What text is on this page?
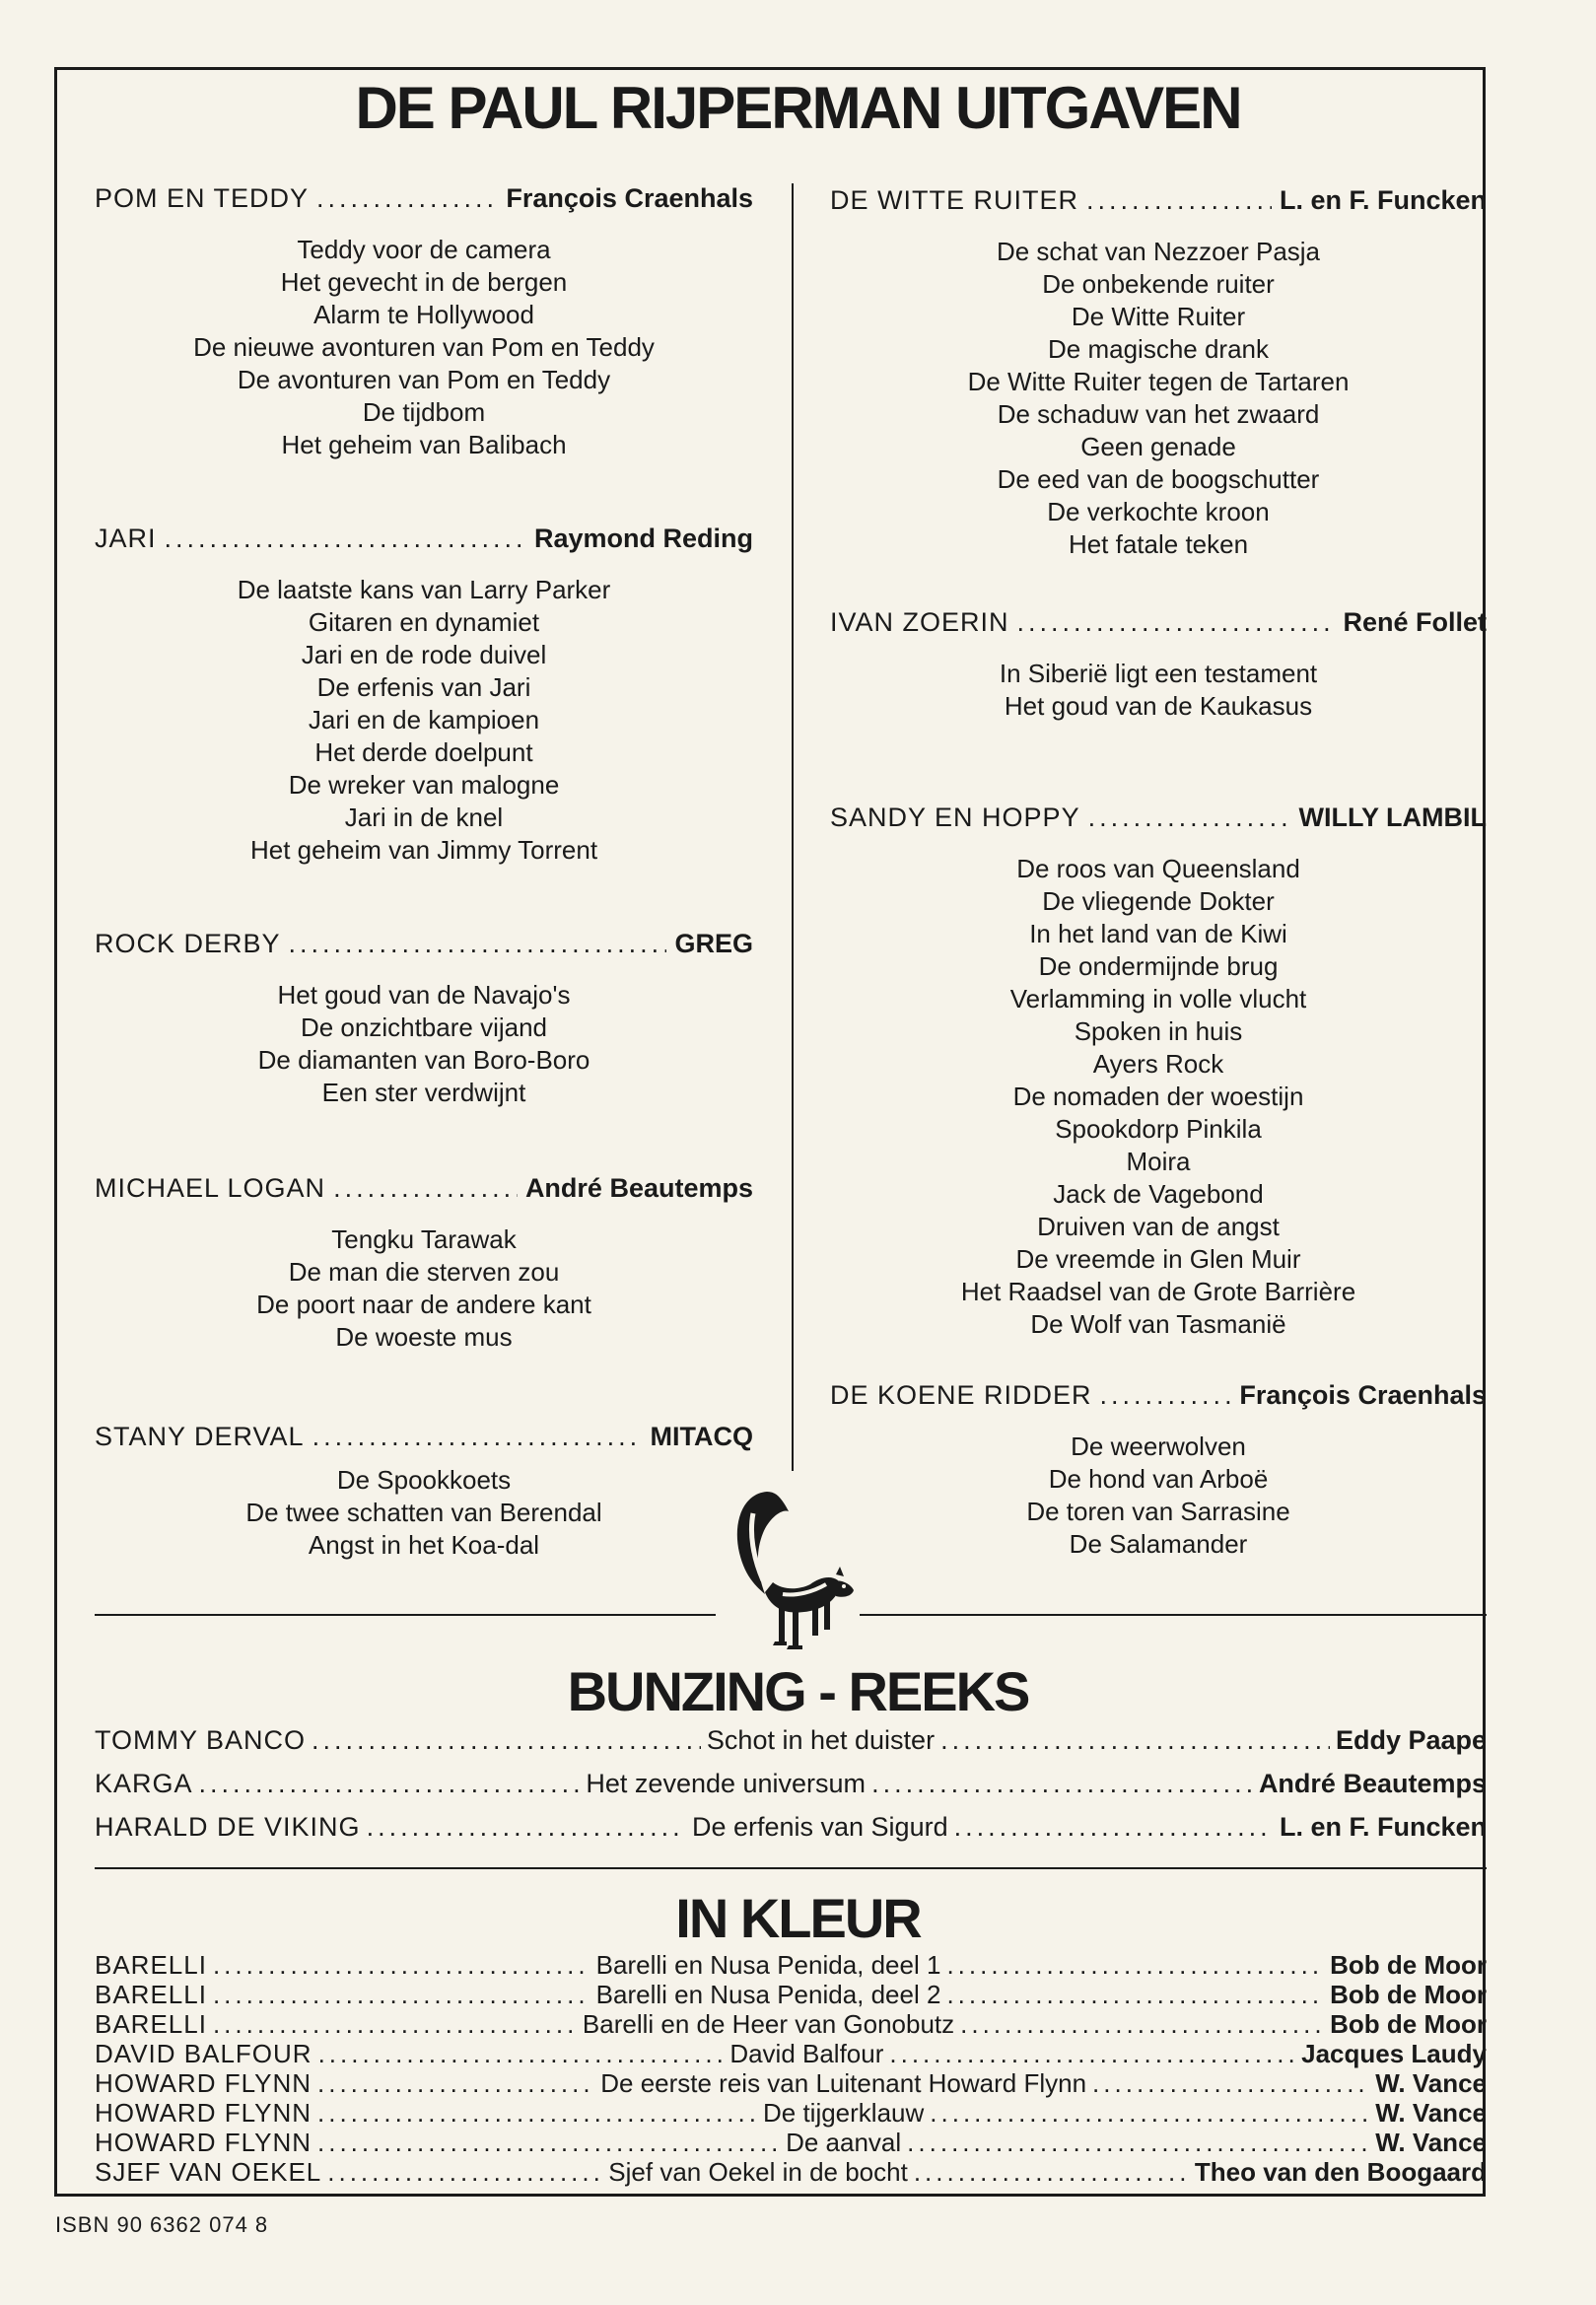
DE PAUL RIJPERMAN UITGAVEN
POM EN TEDDY .....	François Craenhals
Teddy voor de camera
Het gevecht in de bergen
Alarm te Hollywood
De nieuwe avonturen van Pom en Teddy
De avonturen van Pom en Teddy
De tijdbom
Het geheim van Balibach
JARI .....	Raymond Reding
De laatste kans van Larry Parker
Gitaren en dynamiet
Jari en de rode duivel
De erfenis van Jari
Jari en de kampioen
Het derde doelpunt
De wreker van malogne
Jari in de knel
Het geheim van Jimmy Torrent
ROCK DERBY .....	GREG
Het goud van de Navajo's
De onzichtbare vijand
De diamanten van Boro-Boro
Een ster verdwijnt
MICHAEL LOGAN .....	André Beautemps
Tengku Tarawak
De man die sterven zou
De poort naar de andere kant
De woeste mus
STANY DERVAL .....	MITACQ
De Spookkoets
De twee schatten van Berendal
Angst in het Koa-dal
DE WITTE RUITER .....	L. en F. Funcken
De schat van Nezzoer Pasja
De onbekende ruiter
De Witte Ruiter
De magische drank
De Witte Ruiter tegen de Tartaren
De schaduw van het zwaard
Geen genade
De eed van de boogschutter
De verkochte kroon
Het fatale teken
IVAN ZOERIN .....	René Follet
In Siberië ligt een testament
Het goud van de Kaukasus
SANDY EN HOPPY .....	WILLY LAMBIL
De roos van Queensland
De vliegende Dokter
In het land van de Kiwi
De ondermijnde brug
Verlamming in volle vlucht
Spoken in huis
Ayers Rock
De nomaden der woestijn
Spookdorp Pinkila
Moira
Jack de Vagebond
Druiven van de angst
De vreemde in Glen Muir
Het Raadsel van de Grote Barrière
De Wolf van Tasmanië
DE KOENE RIDDER .....	François Craenhals
De weerwolven
De hond van Arboë
De toren van Sarrasine
De Salamander
BUNZING - REEKS
TOMMY BANCO .....	Schot in het duister .....	Eddy Paape
KARGA .....	Het zevende universum .....	André Beautemps
HARALD DE VIKING .....	De erfenis van Sigurd .....	L. en F. Funcken
IN KLEUR
BARELLI .....	Barelli en Nusa Penida, deel 1 .....	Bob de Moor
BARELLI .....	Barelli en Nusa Penida, deel 2 .....	Bob de Moor
BARELLI .....	Barelli en de Heer van Gonobutz .....	Bob de Moor
DAVID BALFOUR .....	David Balfour .....	Jacques Laudy
HOWARD FLYNN .....	De eerste reis van Luitenant Howard Flynn .....	W. Vance
HOWARD FLYNN .....	De tijgerklauw .....	W. Vance
HOWARD FLYNN .....	De aanval .....	W. Vance
SJEF VAN OEKEL .....	Sjef van Oekel in de bocht .....	Theo van den Boogaard
ISBN 90 6362 074 8
